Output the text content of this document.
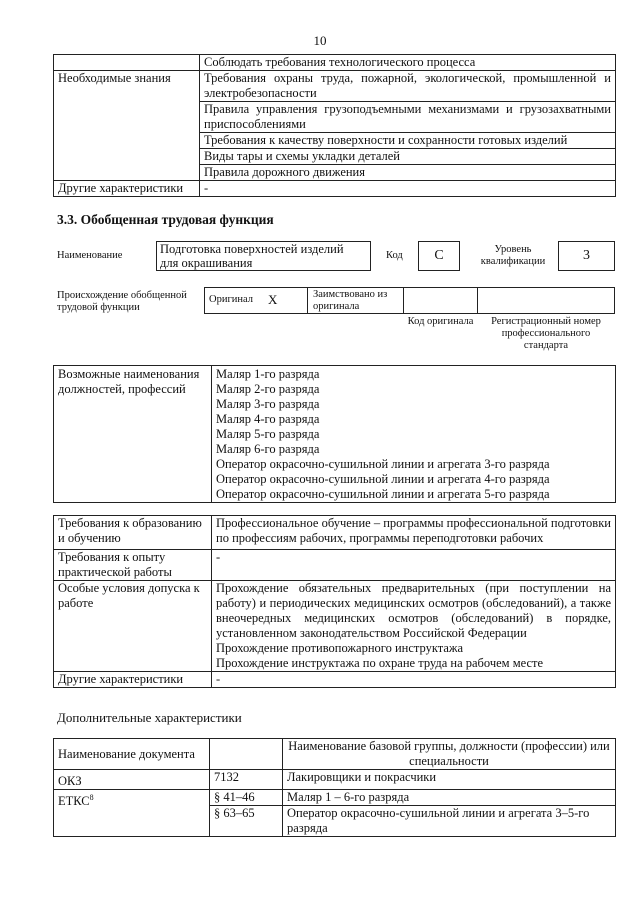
10
	Соблюдать требования технологического процесса
Необходимые знания	Требования охраны труда, пожарной, экологической, промышленной и электробезопасности
	Правила управления грузоподъемными механизмами и грузозахватными приспособлениями
	Требования к качеству поверхности и сохранности готовых изделий
	Виды тары и схемы укладки деталей
	Правила дорожного движения
Другие характеристики	-
3.3. Обобщенная трудовая функция
Наименование	Подготовка поверхностей изделий для окрашивания
Код	C	Уровень квалификации	3
Происхождение обобщенной трудовой функции
Оригинал X	Заимствовано из оригинала
Код оригинала	Регистрационный номер профессионального стандарта
Возможные наименования должностей, профессий	
Маляр 1-го разряда
Маляр 2-го разряда
Маляр 3-го разряда
Маляр 4-го разряда
Маляр 5-го разряда
Маляр 6-го разряда
Оператор окрасочно-сушильной линии и агрегата 3-го разряда
Оператор окрасочно-сушильной линии и агрегата 4-го разряда
Оператор окрасочно-сушильной линии и агрегата 5-го разряда
Требования к образованию и обучению	Профессиональное обучение – программы профессиональной подготовки по профессиям рабочих, программы переподготовки рабочих
Требования к опыту практической работы	-
Особые условия допуска к работе	Прохождение обязательных предварительных (при поступлении на работу) и периодических медицинских осмотров (обследований), а также внеочередных медицинских осмотров (обследований) в порядке, установленном законодательством Российской Федерации
Прохождение противопожарного инструктажа
Прохождение инструктажа по охране труда на рабочем месте

Другие характеристики	-
Дополнительные характеристики
Наименование документа		Наименование базовой группы, должности (профессии) или специальности
ОКЗ	7132	Лакировщики и покрасчики
ЕТКС$^8$	§ 41–46	Маляр 1 – 6-го разряда
	§ 63–65	Оператор окрасочно-сушильной линии и агрегата 3–5-го разряда
